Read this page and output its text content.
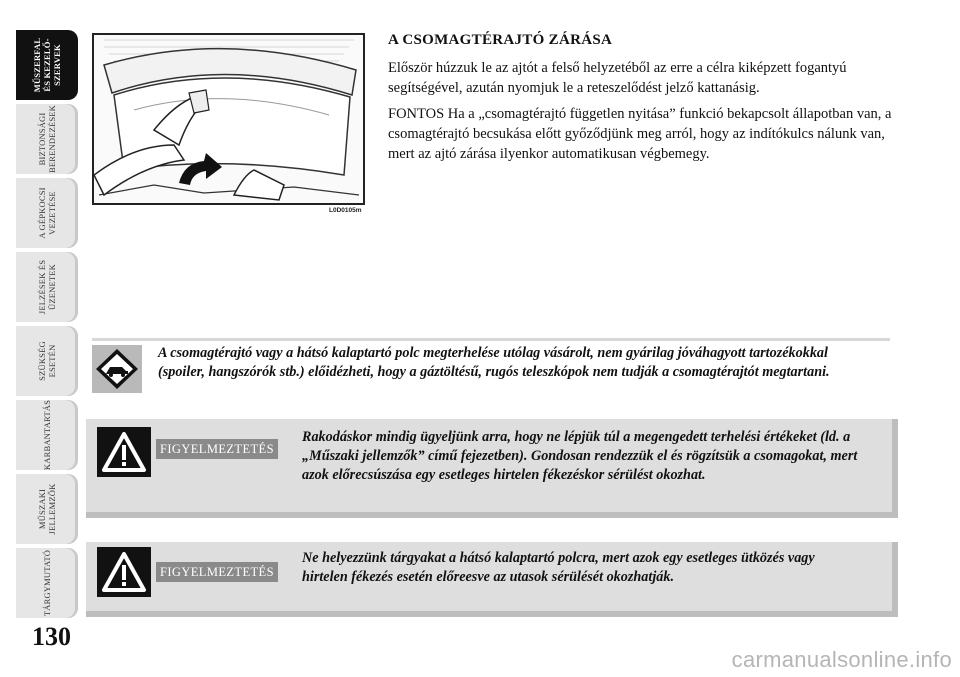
MŰSZERFAL
ÉS KEZELŐ-
SZERVEK
BIZTONSÁGI
BERENDEZÉSEK
A GÉPKOCSI
VEZETÉSE
JELZÉSEK ÉS
ÜZENETEK
SZÜKSÉG
ESETÉN
KARBANTARTÁS
MŰSZAKI
JELLEMZŐK
TÁRGYMUTATÓ
130
L0D0105m
A CSOMAGTÉRAJTÓ ZÁRÁSA
Először húzzuk le az ajtót a felső helyzetéből az erre a célra kiképzett fogantyú segítségével, azután nyomjuk le a reteszelődést jelző kattanásig.
FONTOS Ha a „csomagtérajtó független nyitása” funkció bekapcsolt állapotban van, a csomagtérajtó becsukása előtt győződjünk meg arról, hogy az indítókulcs nálunk van, mert az ajtó zárása ilyenkor automatikusan végbemegy.
A csomagtérajtó vagy a hátsó kalaptartó polc megterhelése utólag vásárolt, nem gyárilag jóváhagyott tartozékokkal (spoiler, hangszórók stb.) előidézheti, hogy a gáztöltésű, rugós teleszkópok nem tudják a csomagtérajtót megtartani.
FIGYELMEZTETÉS
Rakodáskor mindig ügyeljünk arra, hogy ne lépjük túl a megengedett terhelési értékeket (ld. a „Műszaki jellemzők” című fejezetben). Gondosan rendezzük el és rögzítsük a csomagokat, mert azok előrecsúszása egy esetleges hirtelen fékezéskor sérülést okozhat.
FIGYELMEZTETÉS
Ne helyezzünk tárgyakat a hátsó kalaptartó polcra, mert azok egy esetleges ütközés vagy hirtelen fékezés esetén előreesve az utasok sérülését okozhatják.
carmanualsonline.info
